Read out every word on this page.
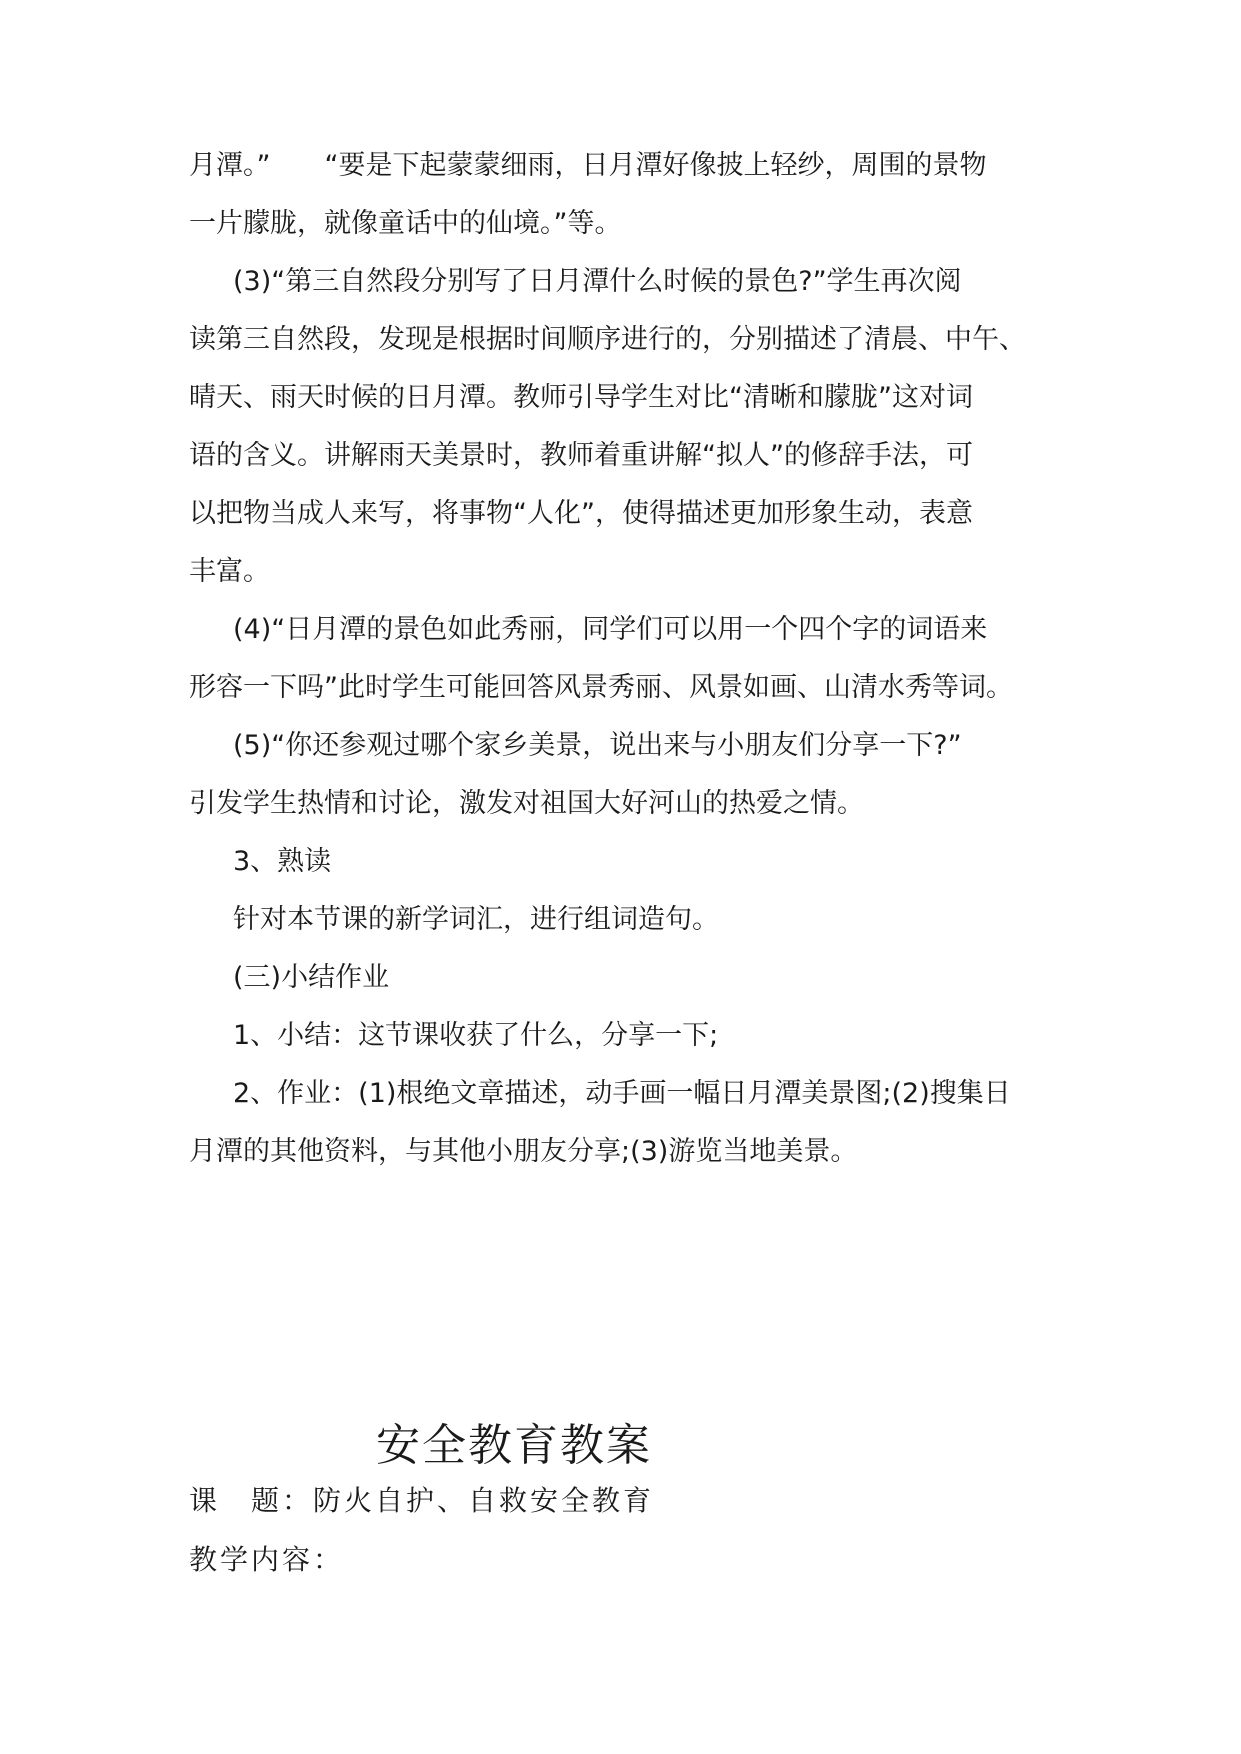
月潭。”　　“要是下起蒙蒙细雨，日月潭好像披上轻纱，周围的景物
一片朦胧，就像童话中的仙境。”等。
(3)“第三自然段分别写了日月潭什么时候的景色?”学生再次阅
读第三自然段，发现是根据时间顺序进行的，分别描述了清晨、中午、
晴天、雨天时候的日月潭。教师引导学生对比“清晰和朦胧”这对词
语的含义。讲解雨天美景时，教师着重讲解“拟人”的修辞手法，可
以把物当成人来写，将事物“人化”，使得描述更加形象生动，表意
丰富。
(4)“日月潭的景色如此秀丽，同学们可以用一个四个字的词语来
形容一下吗”此时学生可能回答风景秀丽、风景如画、山清水秀等词。
(5)“你还参观过哪个家乡美景，说出来与小朋友们分享一下?”
引发学生热情和讨论，激发对祖国大好河山的热爱之情。
3、熟读
针对本节课的新学词汇，进行组词造句。
(三)小结作业
1、小结：这节课收获了什么，分享一下;
2、作业：(1)根绝文章描述，动手画一幅日月潭美景图;(2)搜集日
月潭的其他资料，与其他小朋友分享;(3)游览当地美景。
安全教育教案
课　题：防火自护、自救安全教育
教学内容：
